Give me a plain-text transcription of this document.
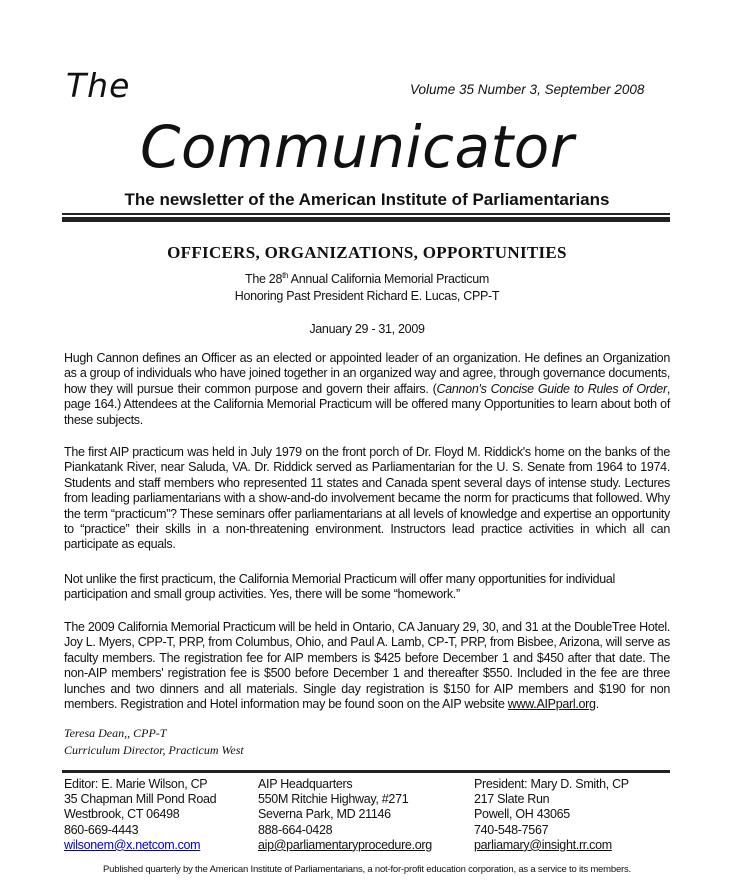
The	Volume 35 Number 3, September 2008
Communicator
The newsletter of the American Institute of Parliamentarians
OFFICERS, ORGANIZATIONS, OPPORTUNITIES
The 28th Annual California Memorial Practicum
Honoring Past President Richard E. Lucas, CPP-T
January 29 - 31, 2009
Hugh Cannon defines an Officer as an elected or appointed leader of an organization. He defines an Organization as a group of individuals who have joined together in an organized way and agree, through governance documents, how they will pursue their common purpose and govern their affairs. (Cannon's Concise Guide to Rules of Order, page 164.) Attendees at the California Memorial Practicum will be offered many Opportunities to learn about both of these subjects.
The first AIP practicum was held in July 1979 on the front porch of Dr. Floyd M. Riddick's home on the banks of the Piankatank River, near Saluda, VA. Dr. Riddick served as Parliamentarian for the U. S. Senate from 1964 to 1974. Students and staff members who represented 11 states and Canada spent several days of intense study. Lectures from leading parliamentarians with a show-and-do involvement became the norm for practicums that followed. Why the term “practicum”? These seminars offer parliamentarians at all levels of knowledge and expertise an opportunity to “practice” their skills in a non-threatening environment. Instructors lead practice activities in which all can participate as equals.
Not unlike the first practicum, the California Memorial Practicum will offer many opportunities for individual
participation and small group activities. Yes, there will be some “homework.”
The 2009 California Memorial Practicum will be held in Ontario, CA January 29, 30, and 31 at the DoubleTree Hotel. Joy L. Myers, CPP-T, PRP, from Columbus, Ohio, and Paul A. Lamb, CP-T, PRP, from Bisbee, Arizona, will serve as faculty members. The registration fee for AIP members is $425 before December 1 and $450 after that date. The non-AIP members' registration fee is $500 before December 1 and thereafter $550. Included in the fee are three lunches and two dinners and all materials. Single day registration is $150 for AIP members and $190 for non members. Registration and Hotel information may be found soon on the AIP website www.AIPparl.org.
Teresa Dean,, CPP-T
Curriculum Director, Practicum West
Editor: E. Marie Wilson, CP
35 Chapman Mill Pond Road
Westbrook, CT 06498
860-669-4443
wilsonem@x.netcom.com
AIP Headquarters
550M Ritchie Highway, #271
Severna Park, MD 21146
888-664-0428
aip@parliamentaryprocedure.org
President: Mary D. Smith, CP
217 Slate Run
Powell, OH 43065
740-548-7567
parliamary@insight.rr.com
Published quarterly by the American Institute of Parliamentarians, a not-for-profit education corporation, as a service to its members.
